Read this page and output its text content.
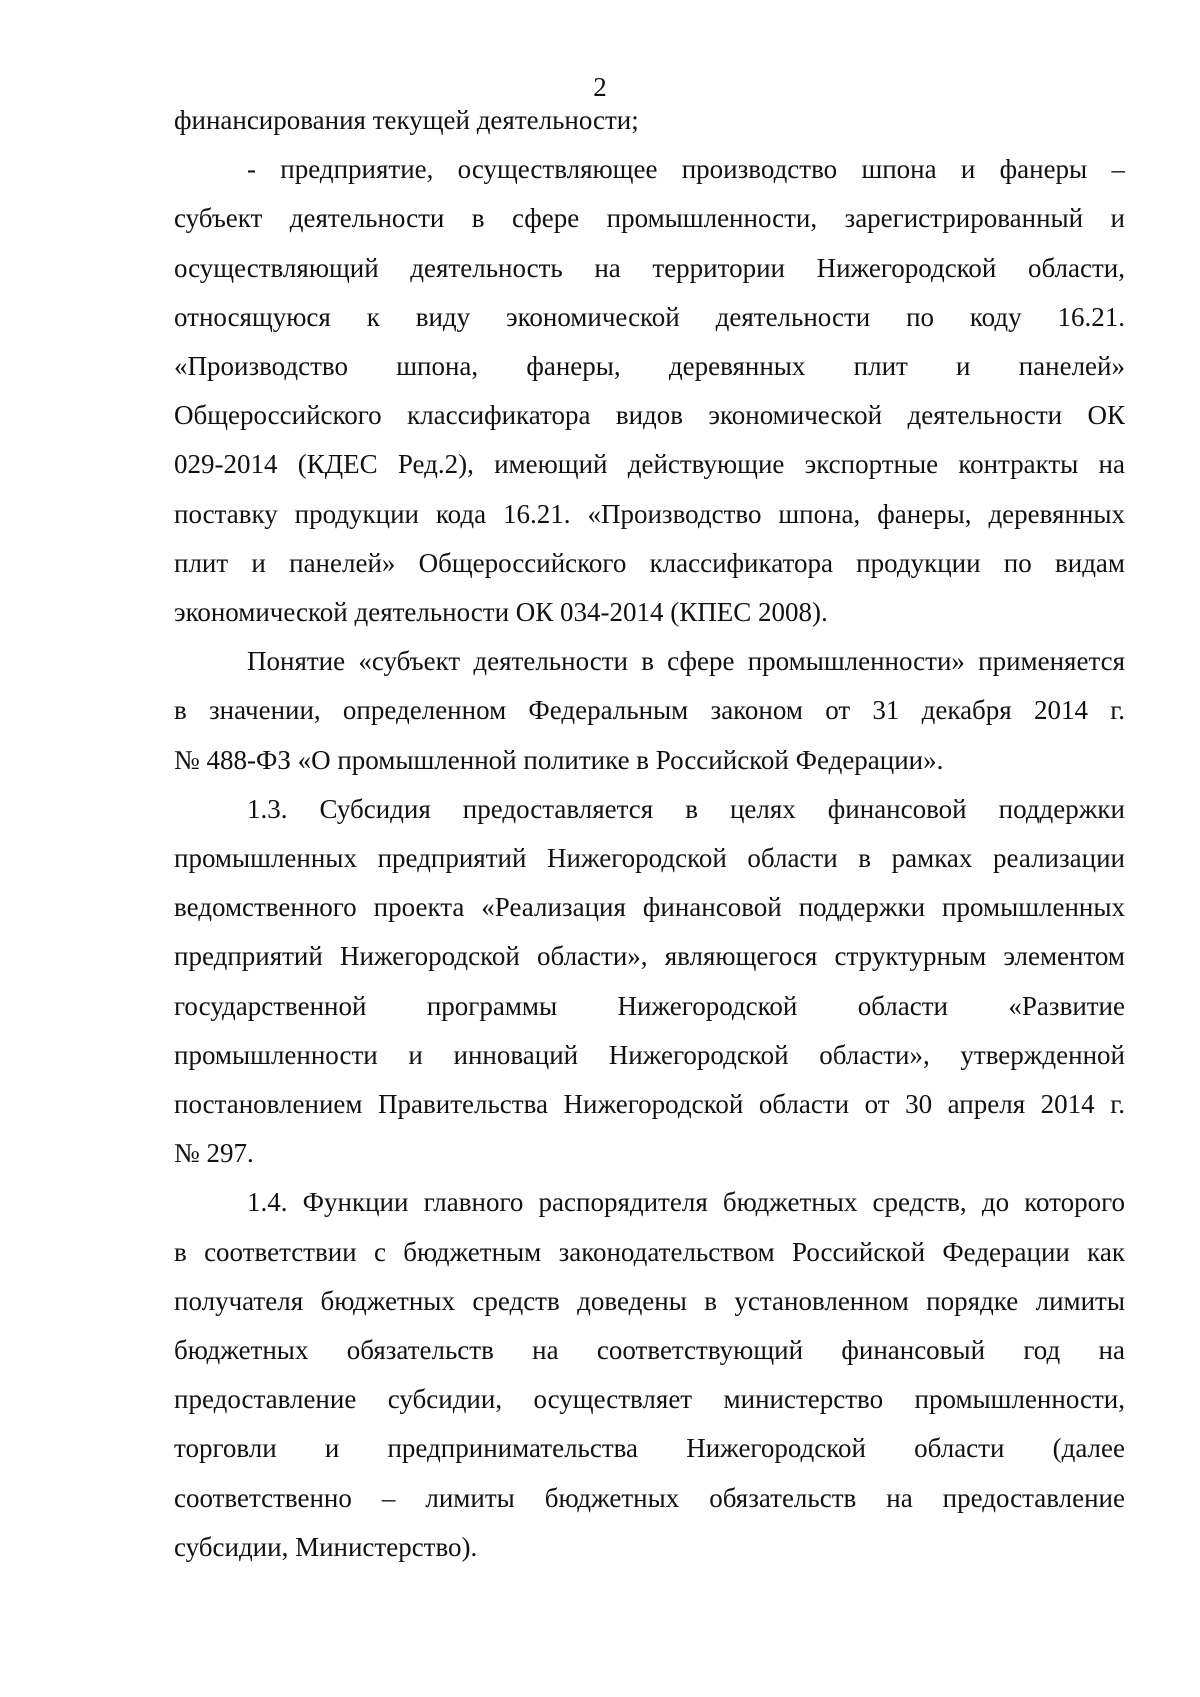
2

финансирования текущей деятельности;

- предприятие, осуществляющее производство шпона и фанеры –
субъект деятельности в сфере промышленности, зарегистрированный и
осуществляющий деятельность на территории Нижегородской области,
относящуюся к виду экономической деятельности по коду 16.21.
«Производство шпона, фанеры, деревянных плит и панелей»
Общероссийского классификатора видов экономической деятельности ОК
029-2014 (КДЕС Ред.2), имеющий действующие экспортные контракты на
поставку продукции кода 16.21. «Производство шпона, фанеры, деревянных
плит и панелей» Общероссийского классификатора продукции по видам
экономической деятельности ОК 034-2014 (КПЕС 2008).

Понятие «субъект деятельности в сфере промышленности» применяется
в значении, определенном Федеральным законом от 31 декабря 2014 г.
№ 488-ФЗ «О промышленной политике в Российской Федерации».

1.3. Субсидия предоставляется в целях финансовой поддержки
промышленных предприятий Нижегородской области в рамках реализации
ведомственного проекта «Реализация финансовой поддержки промышленных
предприятий Нижегородской области», являющегося структурным элементом
государственной программы Нижегородской области «Развитие
промышленности и инноваций Нижегородской области», утвержденной
постановлением Правительства Нижегородской области от 30 апреля 2014 г.
№ 297.

1.4. Функции главного распорядителя бюджетных средств, до которого
в соответствии с бюджетным законодательством Российской Федерации как
получателя бюджетных средств доведены в установленном порядке лимиты
бюджетных обязательств на соответствующий финансовый год на
предоставление субсидии, осуществляет министерство промышленности,
торговли и предпринимательства Нижегородской области (далее
соответственно – лимиты бюджетных обязательств на предоставление
субсидии, Министерство).
